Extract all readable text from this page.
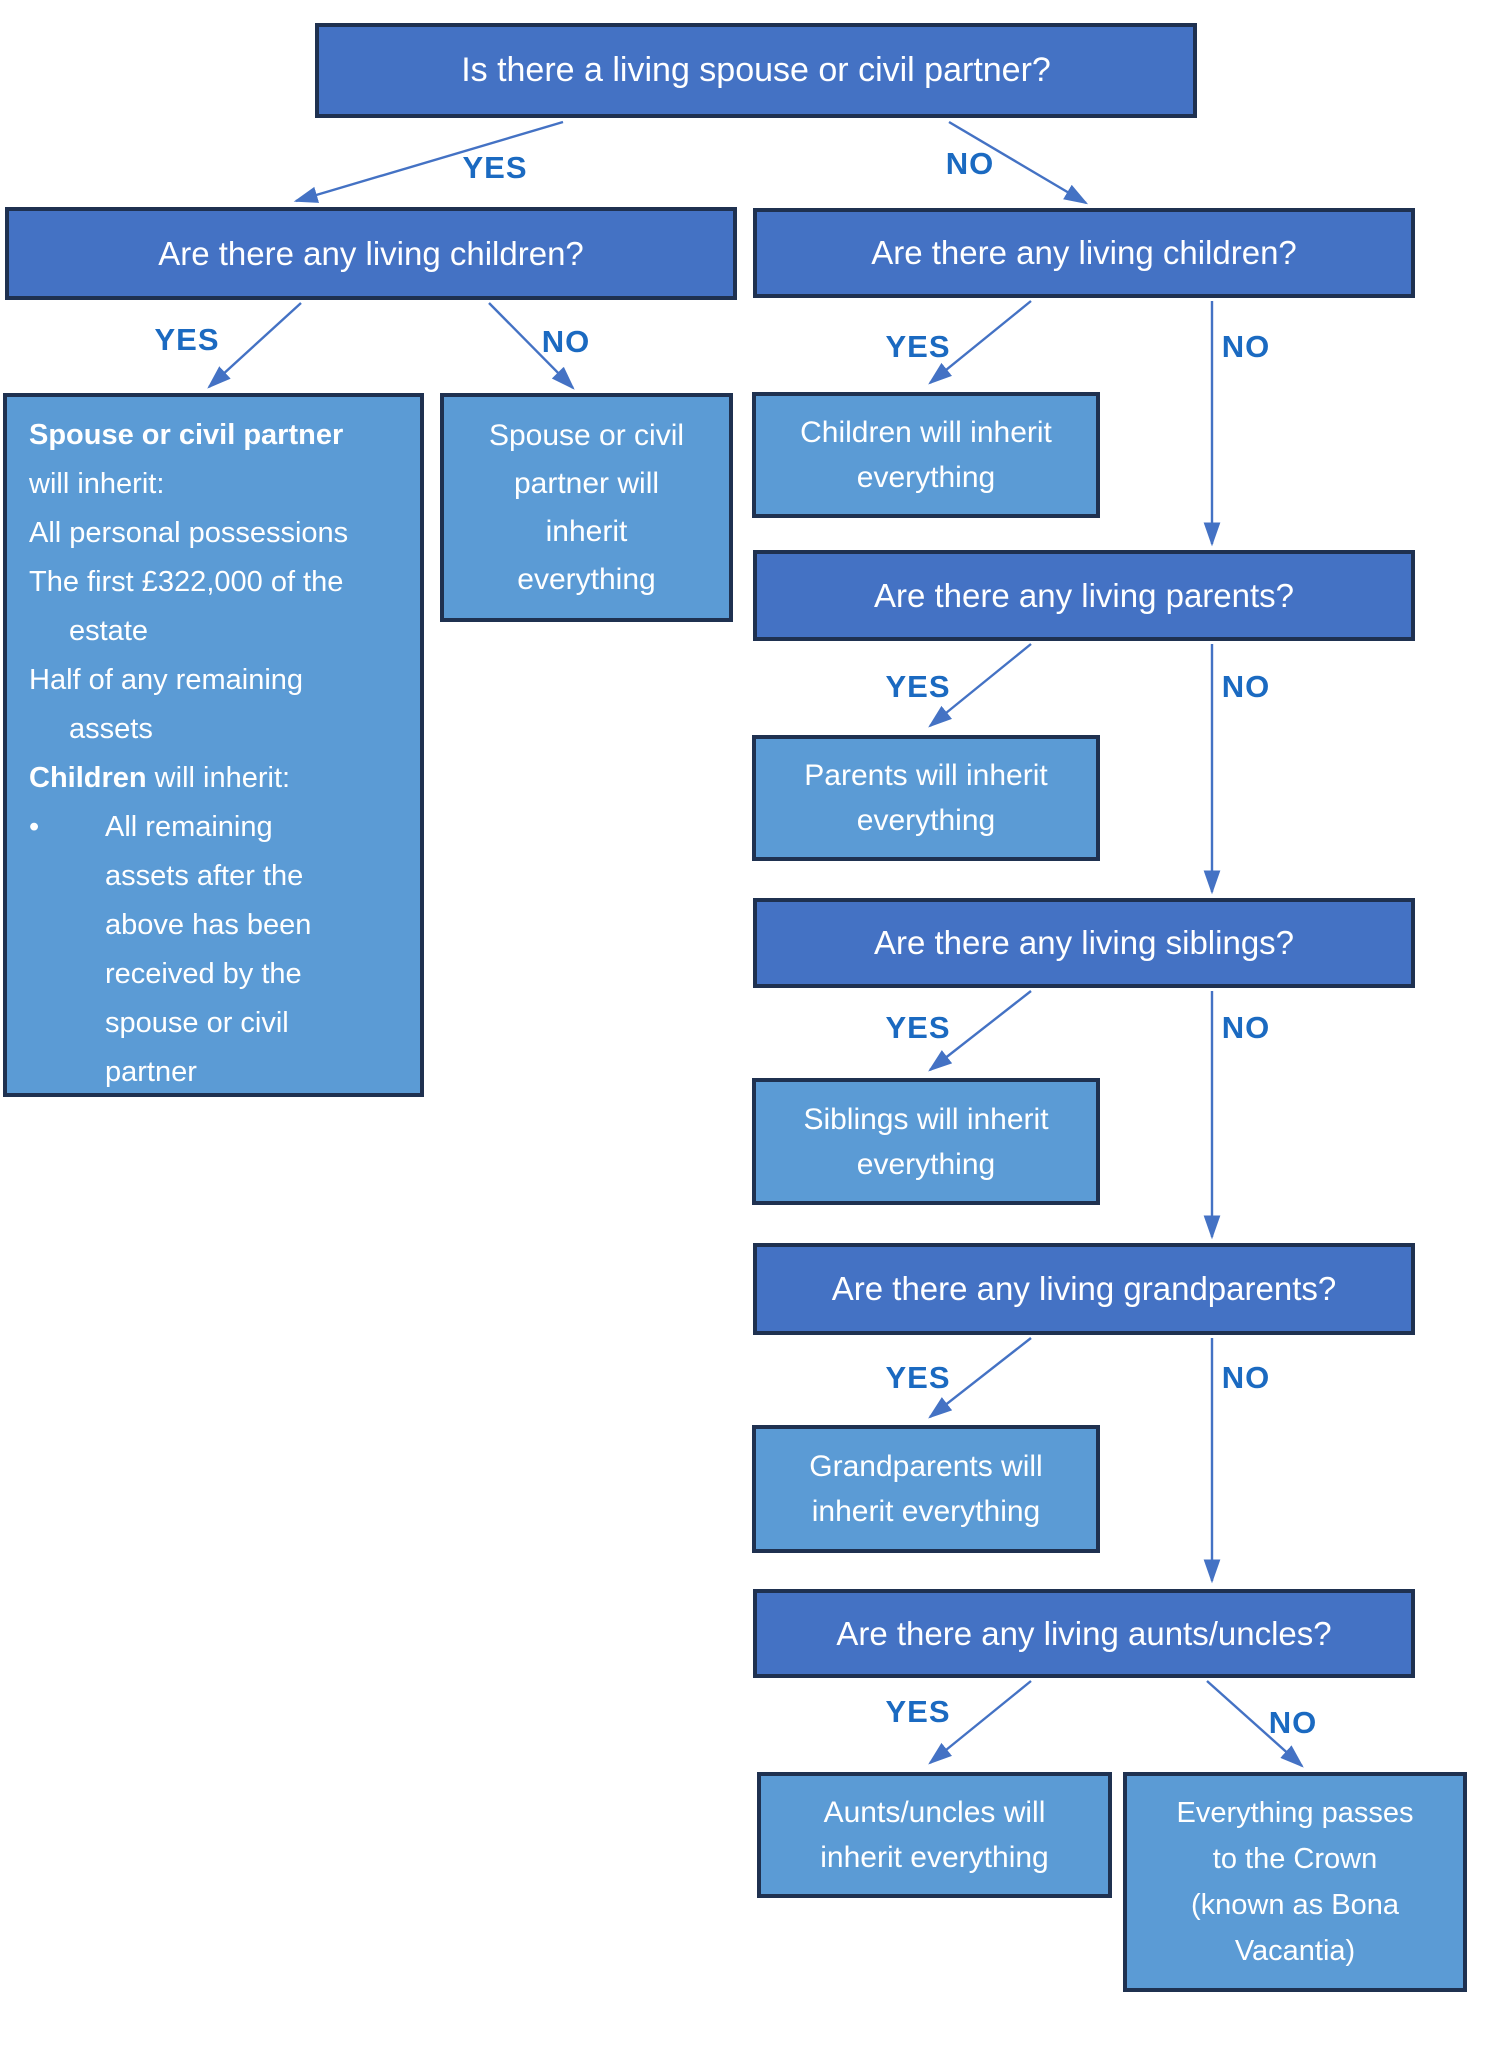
Is there a living spouse or civil partner?
Are there any living children?	Are there any living children?
Are there any living parents?
Are there any living siblings?
Are there any living grandparents?
Are there any living aunts/uncles?
Spouse or civil partner
will inherit:
All personal possessions
The first £322,000 of the
estate
Half of any remaining
assets
Children will inherit:
•	All remaining
assets after the
above has been
received by the
spouse or civil
partner
Spouse or civil
partner will
inherit
everything
Children will inherit
everything
Parents will inherit
everything
Siblings will inherit
everything
Grandparents will
inherit everything
Aunts/uncles will
inherit everything
Everything passes
to the Crown
(known as Bona
Vacantia)
YES	NO
YES	NO	YES	NO
YES	NO
YES	NO
YES	NO
YES	NO
